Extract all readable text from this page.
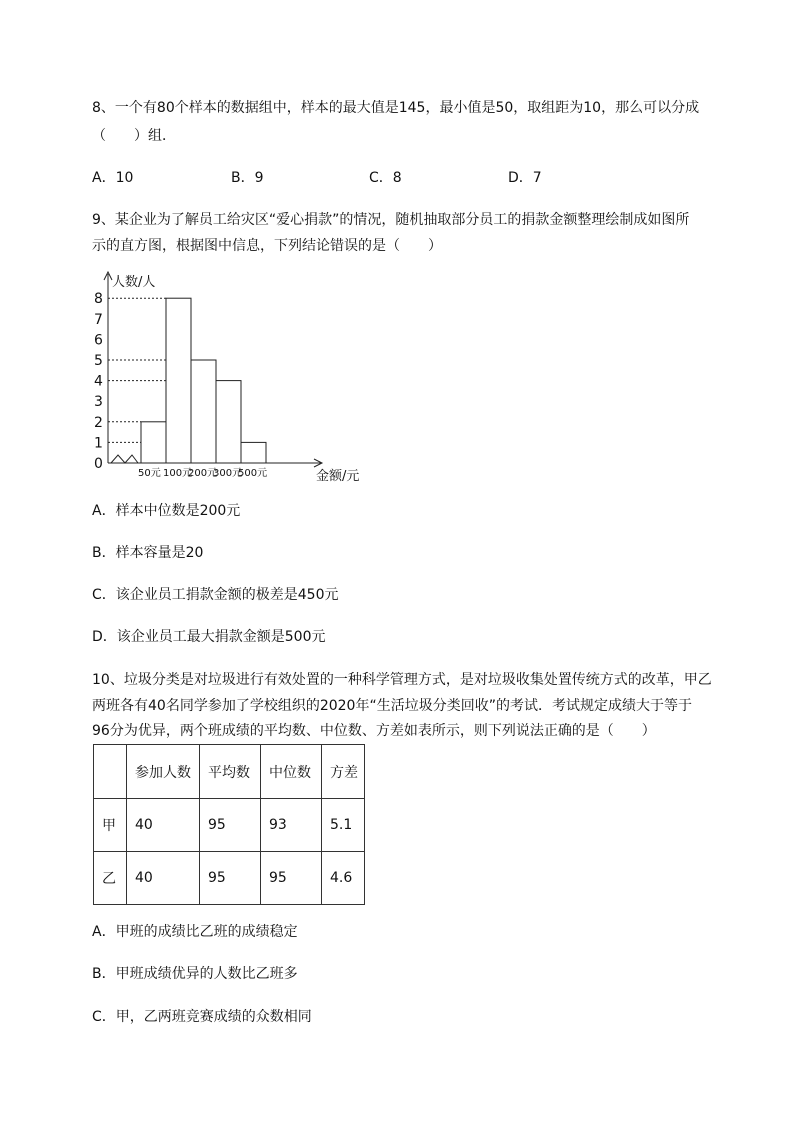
8、一个有80个样本的数据组中，样本的最大值是145，最小值是50，取组距为10，那么可以分成
（　　）组．
A．10	B．9	C．8	D．7
9、某企业为了解员工给灾区“爱心捐款”的情况，随机抽取部分员工的捐款金额整理绘制成如图所
示的直方图，根据图中信息，下列结论错误的是（　　）
0
1
2
3
4
5
6
7
8
50元 100元
200元
300元
500元
人数/人
金额/元
A．样本中位数是200元
B．样本容量是20
C．该企业员工捐款金额的极差是450元
D．该企业员工最大捐款金额是500元
10、垃圾分类是对垃圾进行有效处置的一种科学管理方式，是对垃圾收集处置传统方式的改革，甲乙
两班各有40名同学参加了学校组织的2020年“生活垃圾分类回收”的考试．考试规定成绩大于等于
96分为优异，两个班成绩的平均数、中位数、方差如表所示，则下列说法正确的是（　　）
	参加人数	平均数	中位数	方差
甲	40	95	93	5.1
乙	40	95	95	4.6
A．甲班的成绩比乙班的成绩稳定
B．甲班成绩优异的人数比乙班多
C．甲，乙两班竞赛成绩的众数相同
